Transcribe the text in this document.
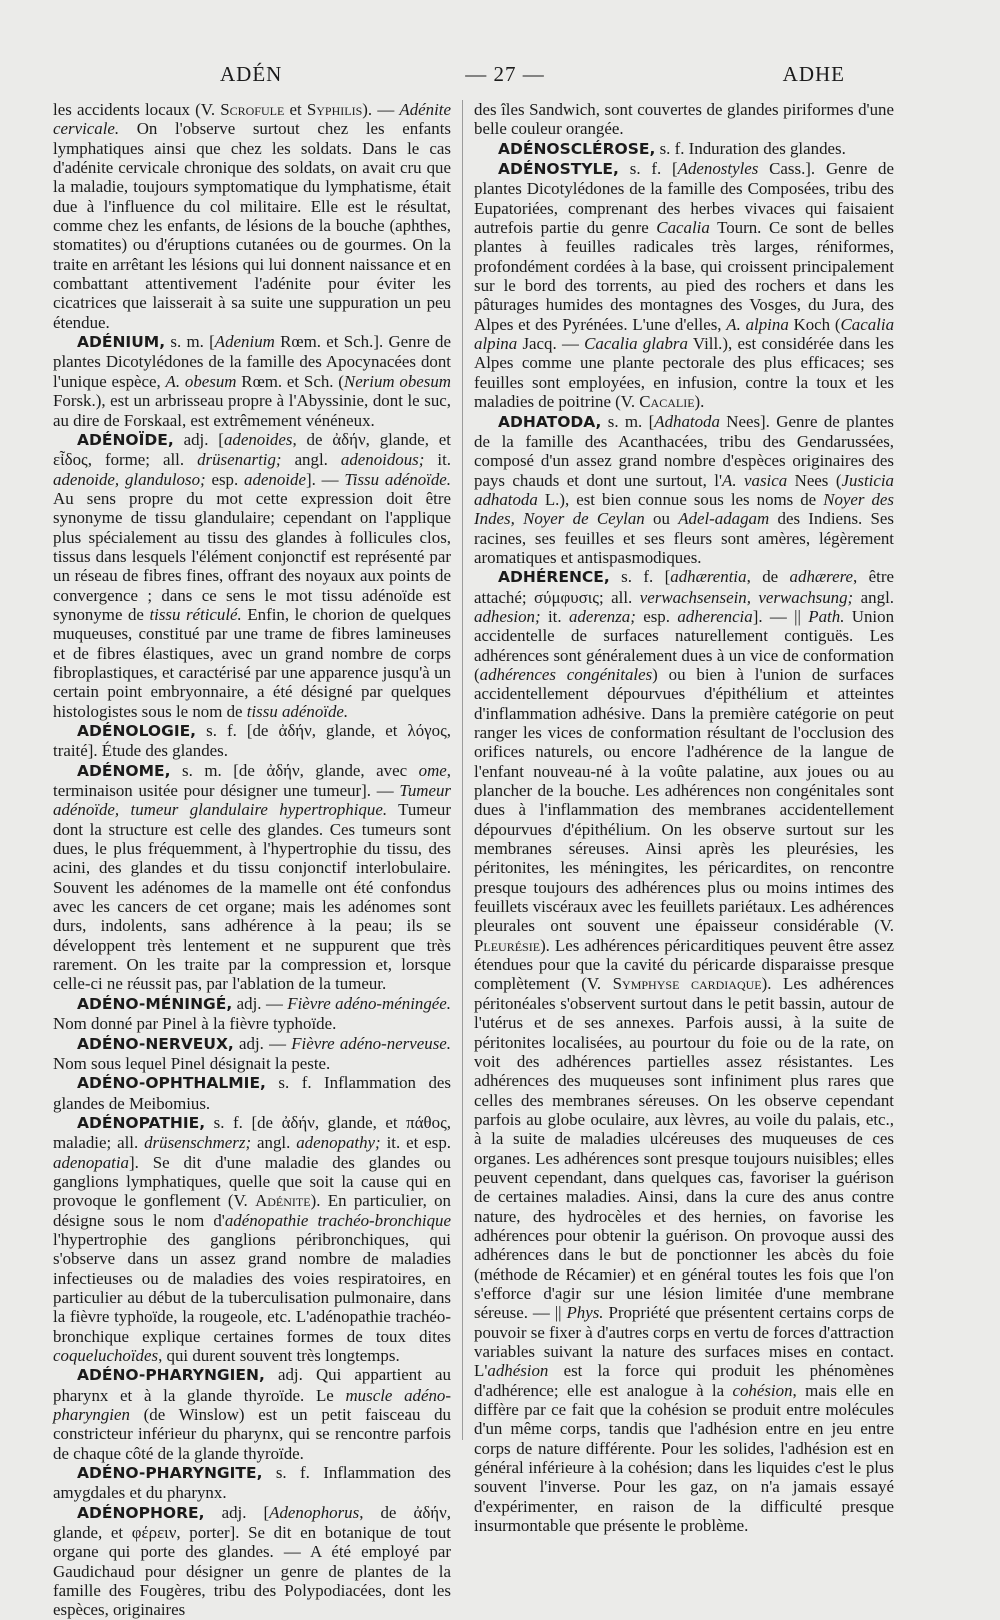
ADÉN	— 27 —	ADHE

les accidents locaux (V. Scrofule et Syphilis). — Adénite cervicale. On l'observe surtout chez les enfants lymphatiques ainsi que chez les soldats. Dans le cas d'adénite cervicale chronique des soldats, on avait cru que la maladie, toujours symptomatique du lymphatisme, était due à l'influence du col militaire. Elle est le résultat, comme chez les enfants, de lésions de la bouche (aphthes, stomatites) ou d'éruptions cutanées ou de gourmes. On la traite en arrêtant les lésions qui lui donnent naissance et en combattant attentivement l'adénite pour éviter les cicatrices que laisserait à sa suite une suppuration un peu étendue.

ADÉNIUM, s. m. [Adenium Rœm. et Sch.]. Genre de plantes Dicotylédones de la famille des Apocynacées dont l'unique espèce, A. obesum Rœm. et Sch. (Nerium obesum Forsk.), est un arbrisseau propre à l'Abyssinie, dont le suc, au dire de Forskaal, est extrêmement vénéneux.

ADÉNOÏDE, adj. [adenoides, de ἀδήν, glande, et εἶδος, forme; all. drüsenartig; angl. adenoidous; it. adenoide, glanduloso; esp. adenoide]. — Tissu adénoïde. Au sens propre du mot cette expression doit être synonyme de tissu glandulaire; cependant on l'applique plus spécialement au tissu des glandes à follicules clos, tissus dans lesquels l'élément conjonctif est représenté par un réseau de fibres fines, offrant des noyaux aux points de convergence ; dans ce sens le mot tissu adénoïde est synonyme de tissu réticulé. Enfin, le chorion de quelques muqueuses, constitué par une trame de fibres lamineuses et de fibres élastiques, avec un grand nombre de corps fibroplastiques, et caractérisé par une apparence jusqu'à un certain point embryonnaire, a été désigné par quelques histologistes sous le nom de tissu adénoïde.

ADÉNOLOGIE, s. f. [de ἀδήν, glande, et λόγος, traité]. Étude des glandes.

ADÉNOME, s. m. [de ἀδήν, glande, avec ome, terminaison usitée pour désigner une tumeur]. — Tumeur adénoïde, tumeur glandulaire hypertrophique. Tumeur dont la structure est celle des glandes. Ces tumeurs sont dues, le plus fréquemment, à l'hypertrophie du tissu, des acini, des glandes et du tissu conjonctif interlobulaire. Souvent les adénomes de la mamelle ont été confondus avec les cancers de cet organe; mais les adénomes sont durs, indolents, sans adhérence à la peau; ils se développent très lentement et ne suppurent que très rarement. On les traite par la compression et, lorsque celle-ci ne réussit pas, par l'ablation de la tumeur.

ADÉNO-MÉNINGÉ, adj. — Fièvre adéno-méningée. Nom donné par Pinel à la fièvre typhoïde.

ADÉNO-NERVEUX, adj. — Fièvre adéno-nerveuse. Nom sous lequel Pinel désignait la peste.

ADÉNO-OPHTHALMIE, s. f. Inflammation des glandes de Meibomius.

ADÉNOPATHIE, s. f. [de ἀδήν, glande, et πάθος, maladie; all. drüsenschmerz; angl. adenopathy; it. et esp. adenopatia]. Se dit d'une maladie des glandes ou ganglions lymphatiques, quelle que soit la cause qui en provoque le gonflement (V. Adénite). En particulier, on désigne sous le nom d'adénopathie trachéo-bronchique l'hypertrophie des ganglions péribronchiques, qui s'observe dans un assez grand nombre de maladies infectieuses ou de maladies des voies respiratoires, en particulier au début de la tuberculisation pulmonaire, dans la fièvre typhoïde, la rougeole, etc. L'adénopathie trachéo-bronchique explique certaines formes de toux dites coqueluchoïdes, qui durent souvent très longtemps.

ADÉNO-PHARYNGIEN, adj. Qui appartient au pharynx et à la glande thyroïde. Le muscle adéno-pharyngien (de Winslow) est un petit faisceau du constricteur inférieur du pharynx, qui se rencontre parfois de chaque côté de la glande thyroïde.

ADÉNO-PHARYNGITE, s. f. Inflammation des amygdales et du pharynx.

ADÉNOPHORE, adj. [Adenophorus, de ἀδήν, glande, et φέρειν, porter]. Se dit en botanique de tout organe qui porte des glandes. — A été employé par Gaudichaud pour désigner un genre de plantes de la famille des Fougères, tribu des Polypodiacées, dont les espèces, originaires

des îles Sandwich, sont couvertes de glandes piriformes d'une belle couleur orangée.

ADÉNOSCLÉROSE, s. f. Induration des glandes.

ADÉNOSTYLE, s. f. [Adenostyles Cass.]. Genre de plantes Dicotylédones de la famille des Composées, tribu des Eupatoriées, comprenant des herbes vivaces qui faisaient autrefois partie du genre Cacalia Tourn. Ce sont de belles plantes à feuilles radicales très larges, réniformes, profondément cordées à la base, qui croissent principalement sur le bord des torrents, au pied des rochers et dans les pâturages humides des montagnes des Vosges, du Jura, des Alpes et des Pyrénées. L'une d'elles, A. alpina Koch (Cacalia alpina Jacq. — Cacalia glabra Vill.), est considérée dans les Alpes comme une plante pectorale des plus efficaces; ses feuilles sont employées, en infusion, contre la toux et les maladies de poitrine (V. Cacalie).

ADHATODA, s. m. [Adhatoda Nees]. Genre de plantes de la famille des Acanthacées, tribu des Gendarussées, composé d'un assez grand nombre d'espèces originaires des pays chauds et dont une surtout, l'A. vasica Nees (Justicia adhatoda L.), est bien connue sous les noms de Noyer des Indes, Noyer de Ceylan ou Adel-adagam des Indiens. Ses racines, ses feuilles et ses fleurs sont amères, légèrement aromatiques et antispasmodiques.

ADHÉRENCE, s. f. [adhærentia, de adhærere, être attaché; σύμφυσις; all. verwachsensein, verwachsung; angl. adhesion; it. aderenza; esp. adherencia]. — || Path. Union accidentelle de surfaces naturellement contiguës. Les adhérences sont généralement dues à un vice de conformation (adhérences congénitales) ou bien à l'union de surfaces accidentellement dépourvues d'épithélium et atteintes d'inflammation adhésive. Dans la première catégorie on peut ranger les vices de conformation résultant de l'occlusion des orifices naturels, ou encore l'adhérence de la langue de l'enfant nouveau-né à la voûte palatine, aux joues ou au plancher de la bouche. Les adhérences non congénitales sont dues à l'inflammation des membranes accidentellement dépourvues d'épithélium. On les observe surtout sur les membranes séreuses. Ainsi après les pleurésies, les péritonites, les méningites, les péricardites, on rencontre presque toujours des adhérences plus ou moins intimes des feuillets viscéraux avec les feuillets pariétaux. Les adhérences pleurales ont souvent une épaisseur considérable (V. Pleurésie). Les adhérences péricarditiques peuvent être assez étendues pour que la cavité du péricarde disparaisse presque complètement (V. Symphyse cardiaque). Les adhérences péritonéales s'observent surtout dans le petit bassin, autour de l'utérus et de ses annexes. Parfois aussi, à la suite de péritonites localisées, au pourtour du foie ou de la rate, on voit des adhérences partielles assez résistantes. Les adhérences des muqueuses sont infiniment plus rares que celles des membranes séreuses. On les observe cependant parfois au globe oculaire, aux lèvres, au voile du palais, etc., à la suite de maladies ulcéreuses des muqueuses de ces organes. Les adhérences sont presque toujours nuisibles; elles peuvent cependant, dans quelques cas, favoriser la guérison de certaines maladies. Ainsi, dans la cure des anus contre nature, des hydrocèles et des hernies, on favorise les adhérences pour obtenir la guérison. On provoque aussi des adhérences dans le but de ponctionner les abcès du foie (méthode de Récamier) et en général toutes les fois que l'on s'efforce d'agir sur une lésion limitée d'une membrane séreuse. — || Phys. Propriété que présentent certains corps de pouvoir se fixer à d'autres corps en vertu de forces d'attraction variables suivant la nature des surfaces mises en contact. L'adhésion est la force qui produit les phénomènes d'adhérence; elle est analogue à la cohésion, mais elle en diffère par ce fait que la cohésion se produit entre molécules d'un même corps, tandis que l'adhésion entre en jeu entre corps de nature différente. Pour les solides, l'adhésion est en général inférieure à la cohésion; dans les liquides c'est le plus souvent l'inverse. Pour les gaz, on n'a jamais essayé d'expérimenter, en raison de la difficulté presque insurmontable que présente le problème.
